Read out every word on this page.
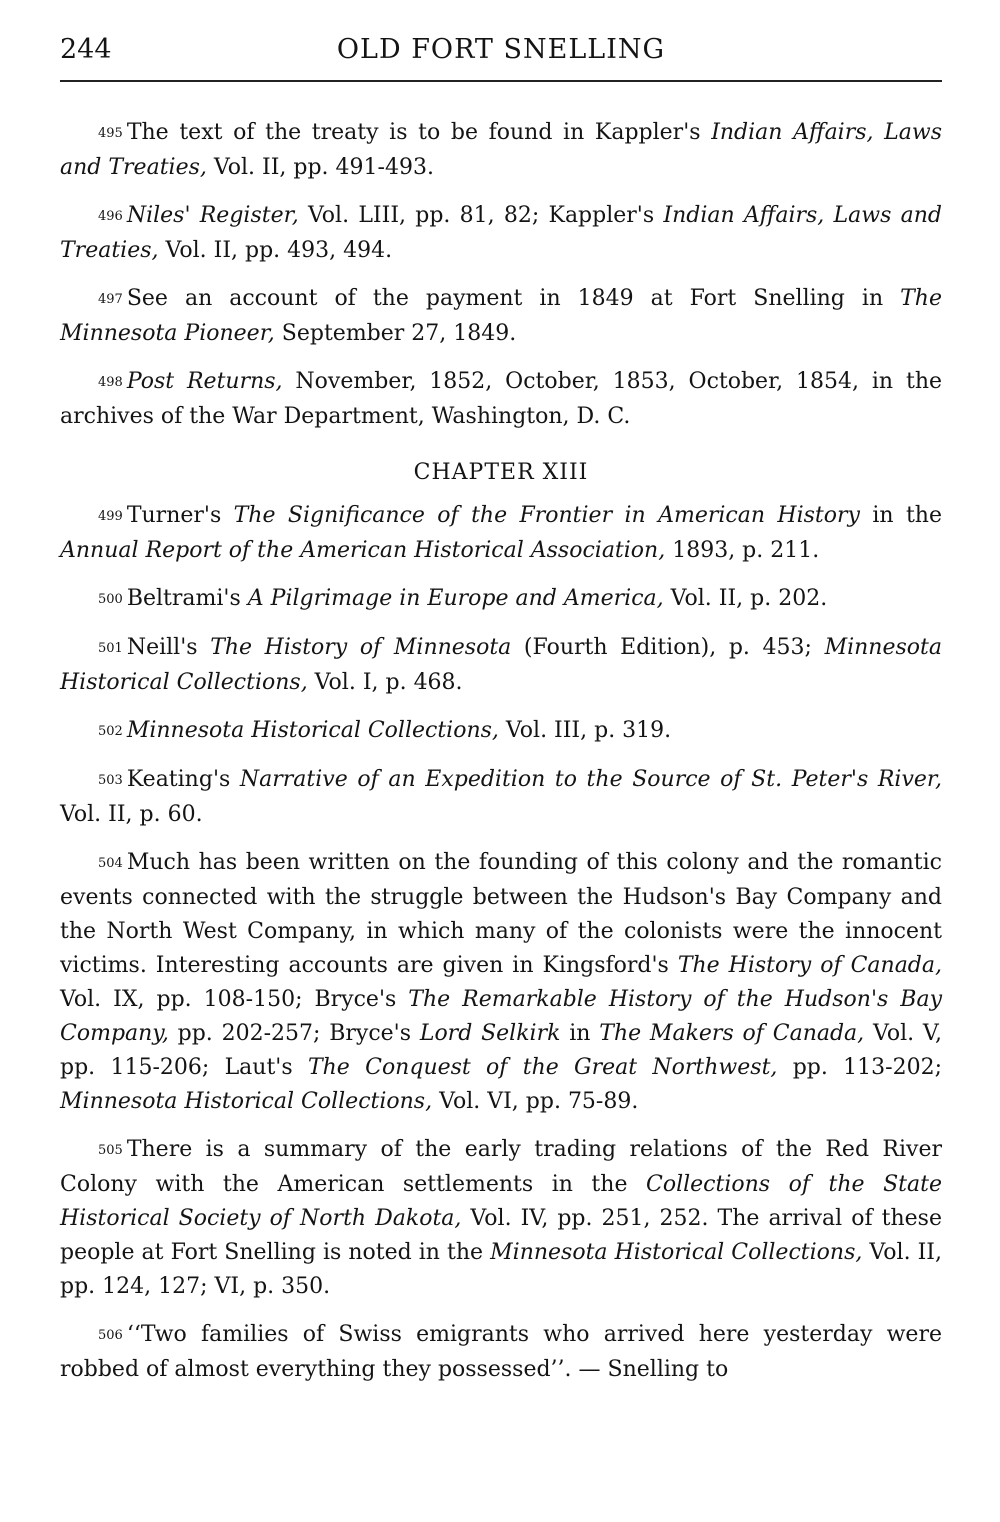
244	OLD FORT SNELLING

495 The text of the treaty is to be found in Kappler's Indian Affairs, Laws and Treaties, Vol. II, pp. 491-493.

496 Niles' Register, Vol. LIII, pp. 81, 82; Kappler's Indian Affairs, Laws and Treaties, Vol. II, pp. 493, 494.

497 See an account of the payment in 1849 at Fort Snelling in The Minnesota Pioneer, September 27, 1849.

498 Post Returns, November, 1852, October, 1853, October, 1854, in the archives of the War Department, Washington, D. C.

CHAPTER XIII

499 Turner's The Significance of the Frontier in American History in the Annual Report of the American Historical Association, 1893, p. 211.

500 Beltrami's A Pilgrimage in Europe and America, Vol. II, p. 202.

501 Neill's The History of Minnesota (Fourth Edition), p. 453; Minnesota Historical Collections, Vol. I, p. 468.

502 Minnesota Historical Collections, Vol. III, p. 319.

503 Keating's Narrative of an Expedition to the Source of St. Peter's River, Vol. II, p. 60.

504 Much has been written on the founding of this colony and the romantic events connected with the struggle between the Hudson's Bay Company and the North West Company, in which many of the colonists were the innocent victims. Interesting accounts are given in Kingsford's The History of Canada, Vol. IX, pp. 108-150; Bryce's The Remarkable History of the Hudson's Bay Company, pp. 202-257; Bryce's Lord Selkirk in The Makers of Canada, Vol. V, pp. 115-206; Laut's The Conquest of the Great Northwest, pp. 113-202; Minnesota Historical Collections, Vol. VI, pp. 75-89.

505 There is a summary of the early trading relations of the Red River Colony with the American settlements in the Collections of the State Historical Society of North Dakota, Vol. IV, pp. 251, 252. The arrival of these people at Fort Snelling is noted in the Minnesota Historical Collections, Vol. II, pp. 124, 127; VI, p. 350.

506 ‘‘Two families of Swiss emigrants who arrived here yesterday were robbed of almost everything they possessed’’. — Snelling to
